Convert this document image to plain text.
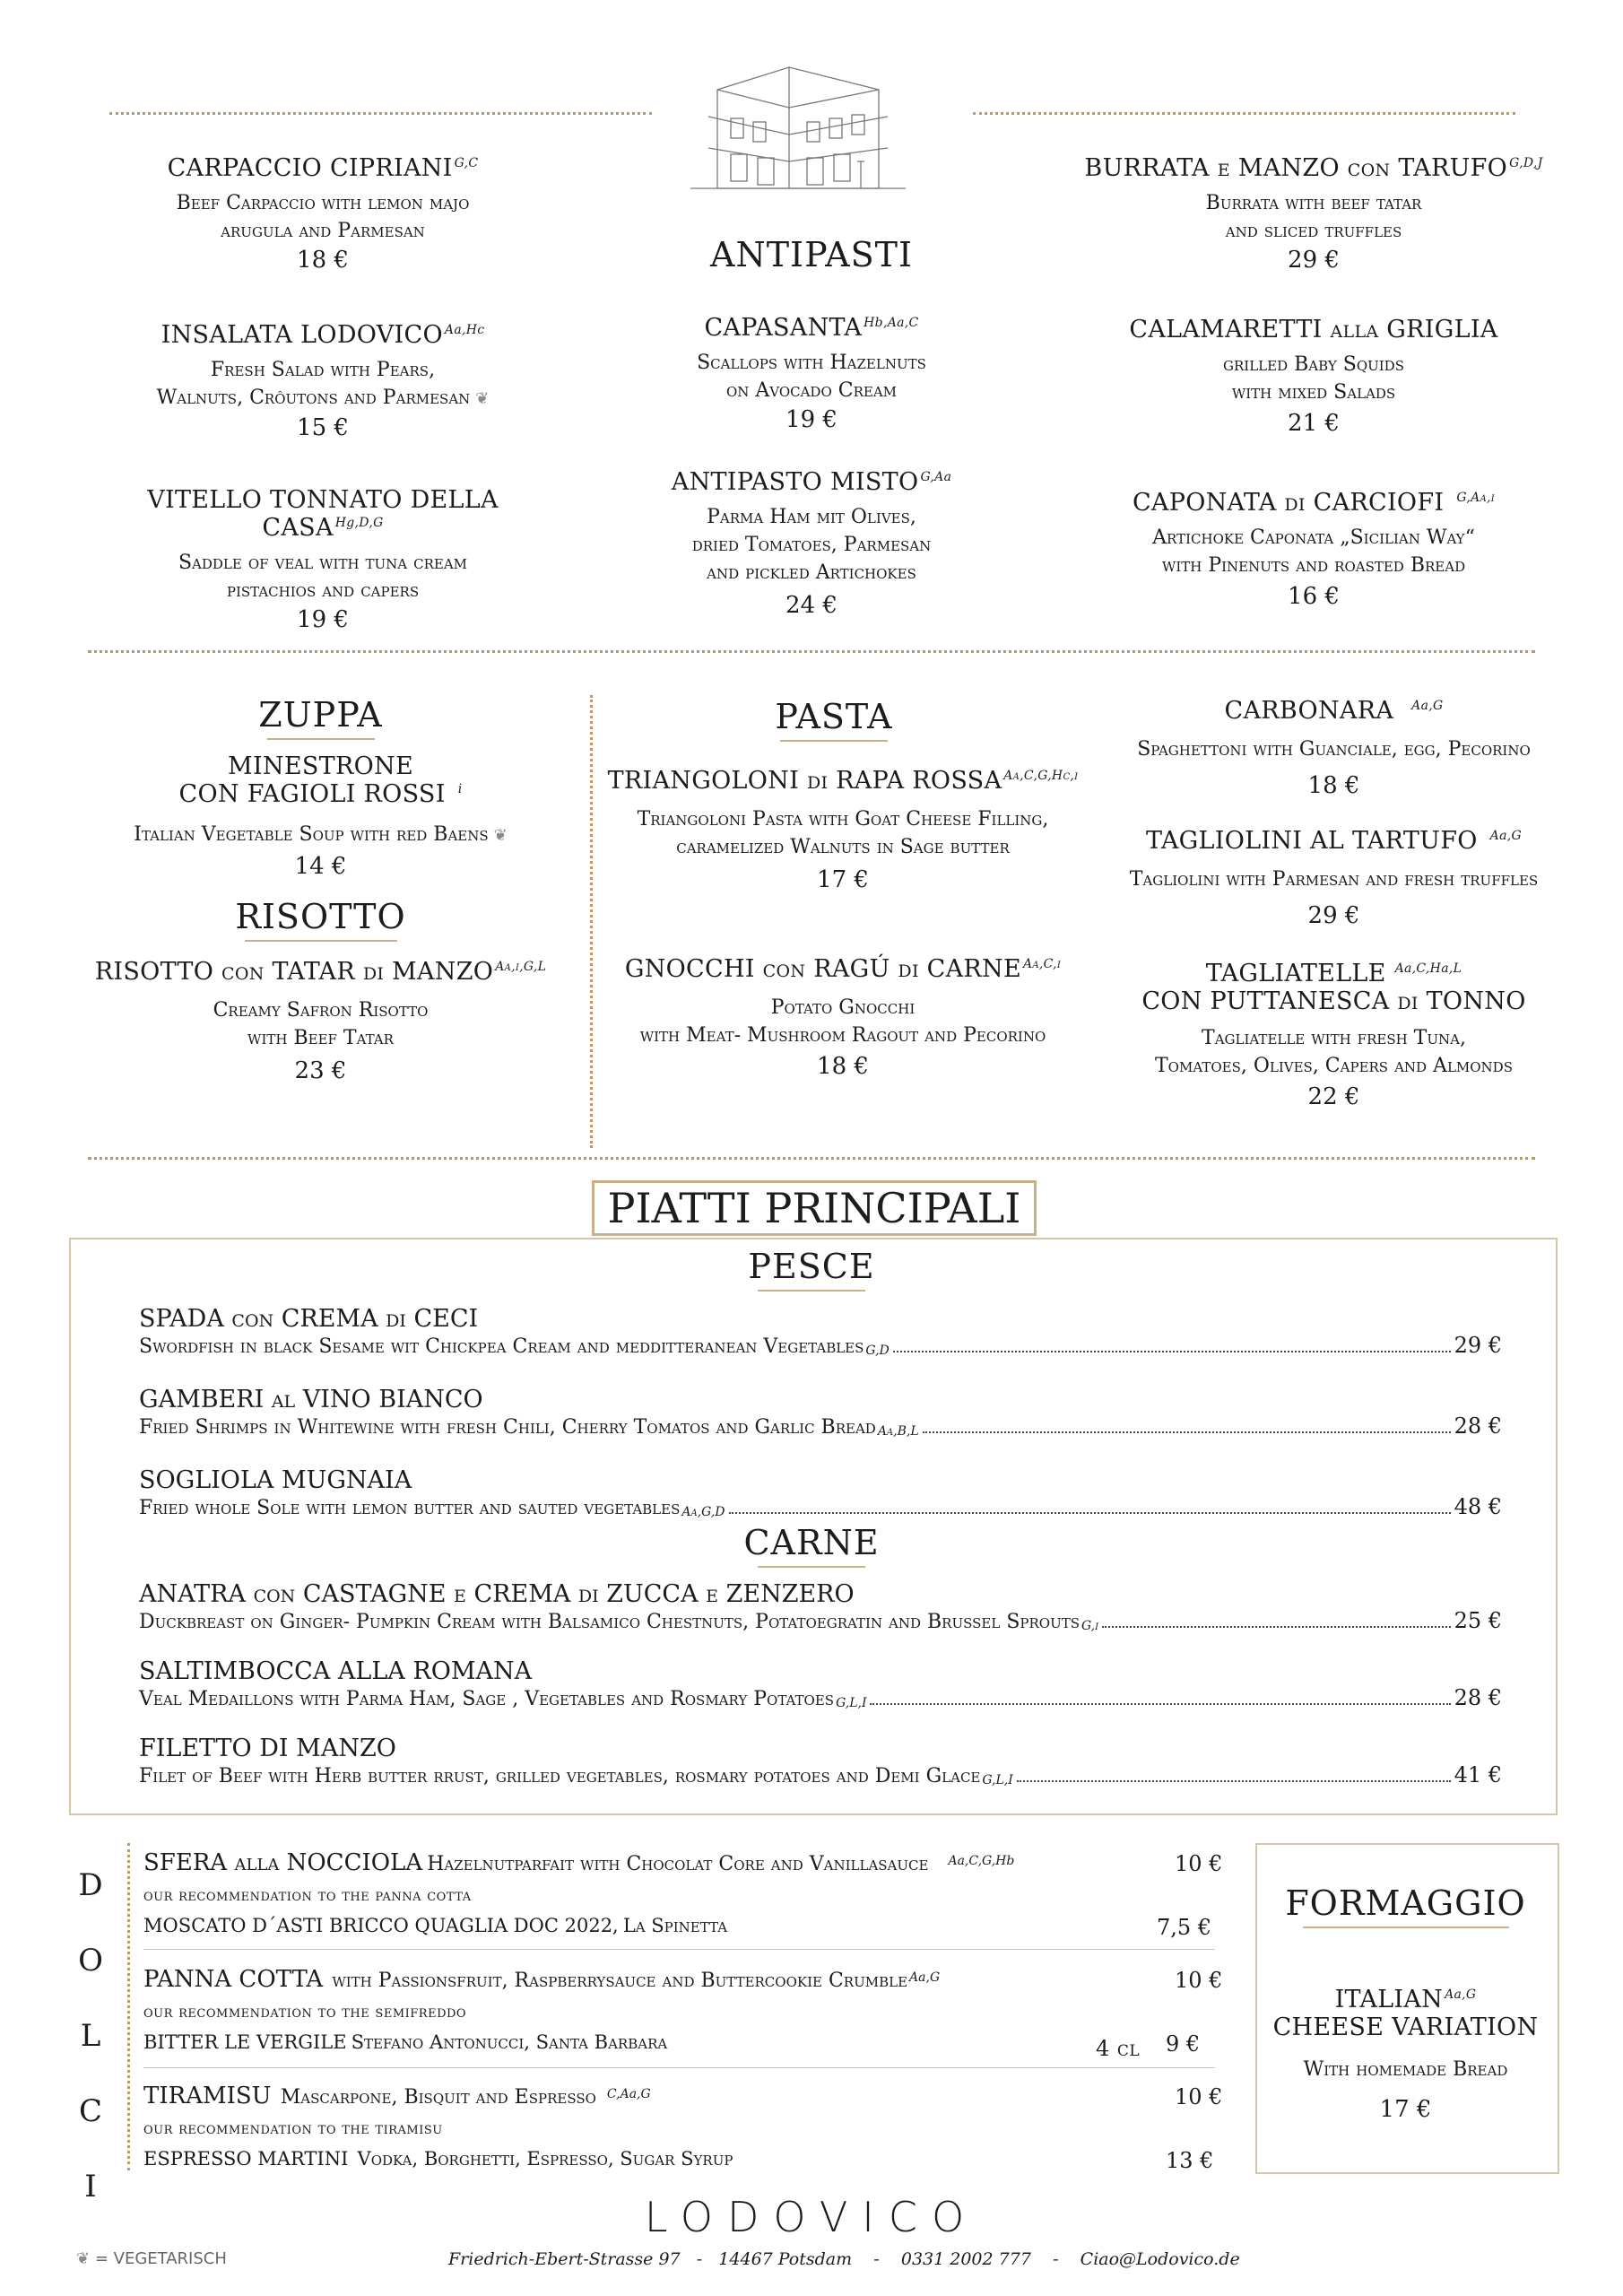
ANTIPASTI
CARPACCIO CIPRIANI $^{G,C}$
Beef Carpaccio with lemon majo
arugula and Parmesan
18 €
INSALATA LODOVICO $^{Aa,Hc}$
Fresh Salad with Pears,
Walnuts, Crôutons and Parmesan ❦
15 €
VITELLO TONNATO DELLA CASA $^{Hg,D,G}$
Saddle of veal with tuna cream
pistachios and capers
19 €
CAPASANTA $^{Hb,Aa,C}$
Scallops with Hazelnuts
on Avocado Cream
19 €
ANTIPASTO MISTO $^{G,Aa}$
Parma Ham mit Olives,
dried Tomatoes, Parmesan
and pickled Artichokes
24 €
BURRATA e MANZO con TARUFO $^{G,D,J}$
Burrata with beef tatar
and sliced truffles
29 €
CALAMARETTI alla GRIGLIA
grilled Baby Squids
with mixed Salads
21 €
CAPONATA di CARCIOFI $^{G,Aa,i}$
Artichoke Caponata „Sicilian Way“
with Pinenuts and roasted Bread
16 €
ZUPPA
MINESTRONE
CON FAGIOLI ROSSI $^i$
Italian Vegetable Soup with red Baens ❦
14 €
RISOTTO
RISOTTO con TATAR di MANZO $^{Aa,i,G,L}$
Creamy Safron Risotto
with Beef Tatar
23 €
PASTA
TRIANGOLONI di RAPA ROSSA $^{Aa,C,G,Hc,i}$
Triangoloni Pasta with Goat Cheese Filling,
caramelized Walnuts in Sage butter
17 €
GNOCCHI con RAGÚ di CARNE $^{Aa,C,i}$
Potato Gnocchi
with Meat- Mushroom Ragout and Pecorino
18 €
CARBONARA $^{Aa,G}$
Spaghettoni with Guanciale, egg, Pecorino
18 €
TAGLIOLINI AL TARTUFO $^{Aa,G}$
Tagliolini with Parmesan and fresh truffles
29 €
TAGLIATELLE $^{Aa,C,Ha,L}$
CON PUTTANESCA di TONNO
Tagliatelle with fresh Tuna,
Tomatoes, Olives, Capers and Almonds
22 €
PIATTI PRINCIPALI
PESCE
SPADA con CREMA di CECI
Swordfish in black Sesame wit Chickpea Cream and medditteranean Vegetables G,D	29 €
GAMBERI al VINO BIANCO
Fried Shrimps in Whitewine with fresh Chili, Cherry Tomatos and Garlic Bread Aa,B,L	28 €
SOGLIOLA MUGNAIA
Fried whole Sole with lemon butter and sauted vegetables Aa,G,D	48 €
CARNE
ANATRA con CASTAGNE e CREMA di ZUCCA e ZENZERO
Duckbreast on Ginger- Pumpkin Cream with Balsamico Chestnuts, Potatoegratin and Brussel Sprouts G,i	25 €
SALTIMBOCCA ALLA ROMANA
Veal Medaillons with Parma Ham, Sage , Vegetables and Rosmary Potatoes G,L,I	28 €
FILETTO DI MANZO
Filet of Beef with Herb butter rrust, grilled vegetables, rosmary potatoes and Demi Glace G,L,I	41 €
D
O
L
C
I
SFERA alla NOCCIOLA Hazelnutparfait with Chocolat Core and Vanillasauce Aa,C,G,Hb	10 €
our recommendation to the panna cotta
MOSCATO D´ASTI BRICCO QUAGLIA DOC 2022, La Spinetta	7,5 €
PANNA COTTA with Passionsfruit, Raspberrysauce and Buttercookie Crumble Aa,G	10 €
our recommendation to the semifreddo
BITTER LE VERGILE Stefano Antonucci, Santa Barbara	4 cl 9 €
TIRAMISU Mascarpone, Bisquit and Espresso C,Aa,G	10 €
our recommendation to the tiramisu
ESPRESSO MARTINI Vodka, Borghetti, Espresso, Sugar Syrup	13 €
FORMAGGIO
ITALIAN $^{Aa,G}$
CHEESE VARIATION
With homemade Bread
17 €
LODOVICO
❦ = VEGETARISCH	Friedrich-Ebert-Strasse 97   -   14467 Potsdam    -    0331 2002 777    -    Ciao@Lodovico.de
